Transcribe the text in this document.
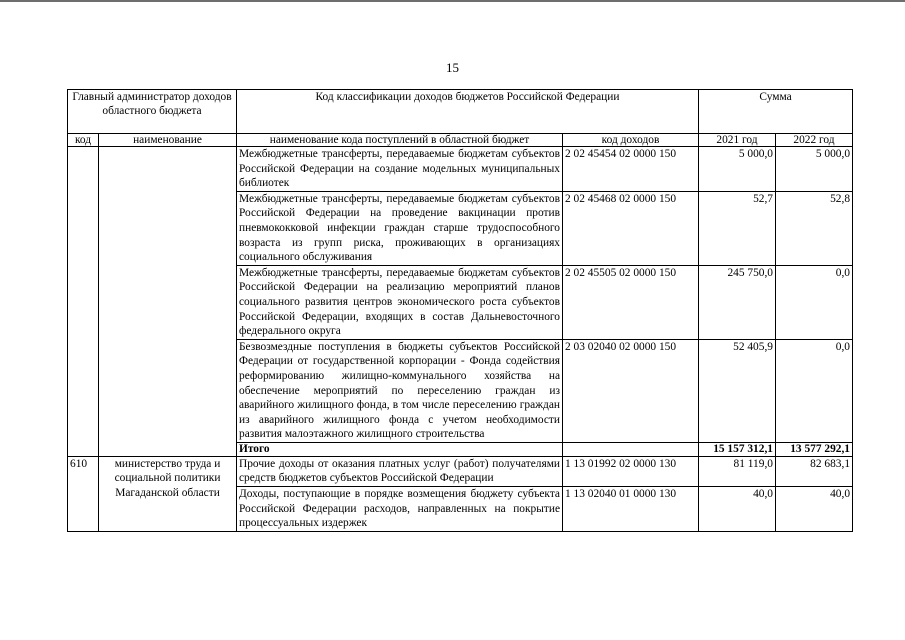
15
Главный администратор доходов областного бюджета		Код классификации доходов бюджетов Российской Федерации		Сумма	
код	наименование	наименование кода поступлений в областной бюджет	код доходов	2021 год	2022 год
		Межбюджетные трансферты, передаваемые бюджетам субъектов Российской Федерации на создание модельных муниципальных библиотек	2 02 45454 02 0000 150	5 000,0	5 000,0
		Межбюджетные трансферты, передаваемые бюджетам субъектов Российской Федерации на проведение вакцинации против пневмококковой инфекции граждан старше трудоспособного возраста из групп риска, проживающих в организациях социального обслуживания	2 02 45468 02 0000 150	52,7	52,8
		Межбюджетные трансферты, передаваемые бюджетам субъектов Российской Федерации на реализацию мероприятий планов социального развития центров экономического роста субъектов Российской Федерации, входящих в состав Дальневосточного федерального округа	2 02 45505 02 0000 150	245 750,0	0,0
		Безвозмездные поступления в бюджеты субъектов Российской Федерации от государственной корпорации - Фонда содействия реформированию жилищно-коммунального хозяйства на обеспечение мероприятий по переселению граждан из аварийного жилищного фонда, в том числе переселению граждан из аварийного жилищного фонда с учетом необходимости развития малоэтажного жилищного строительства	2 03 02040 02 0000 150	52 405,9	0,0
		Итого		15 157 312,1	13 577 292,1
610	министерство труда и социальной политики Магаданской области	Прочие доходы от оказания платных услуг (работ) получателями средств бюджетов субъектов Российской Федерации	1 13 01992 02 0000 130	81 119,0	82 683,1
		Доходы, поступающие в порядке возмещения бюджету субъекта Российской Федерации расходов, направленных на покрытие процессуальных издержек	1 13 02040 01 0000 130	40,0	40,0
